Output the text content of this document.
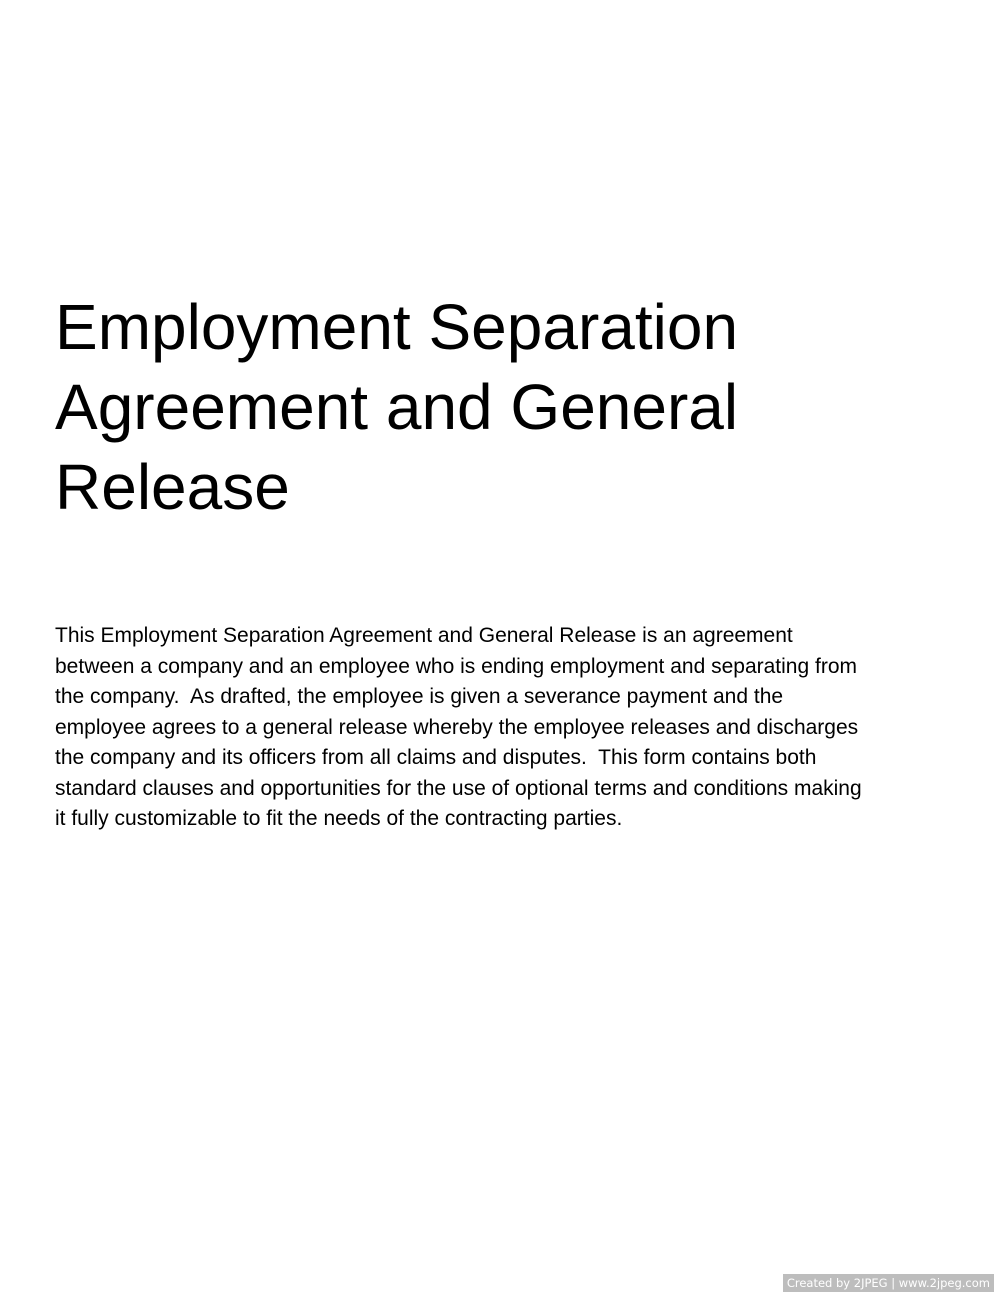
Employment Separation
Agreement and General
Release

This Employment Separation Agreement and General Release is an agreement
between a company and an employee who is ending employment and separating from
the company.  As drafted, the employee is given a severance payment and the
employee agrees to a general release whereby the employee releases and discharges
the company and its officers from all claims and disputes.  This form contains both
standard clauses and opportunities for the use of optional terms and conditions making
it fully customizable to fit the needs of the contracting parties.

Created by 2JPEG | www.2jpeg.com
